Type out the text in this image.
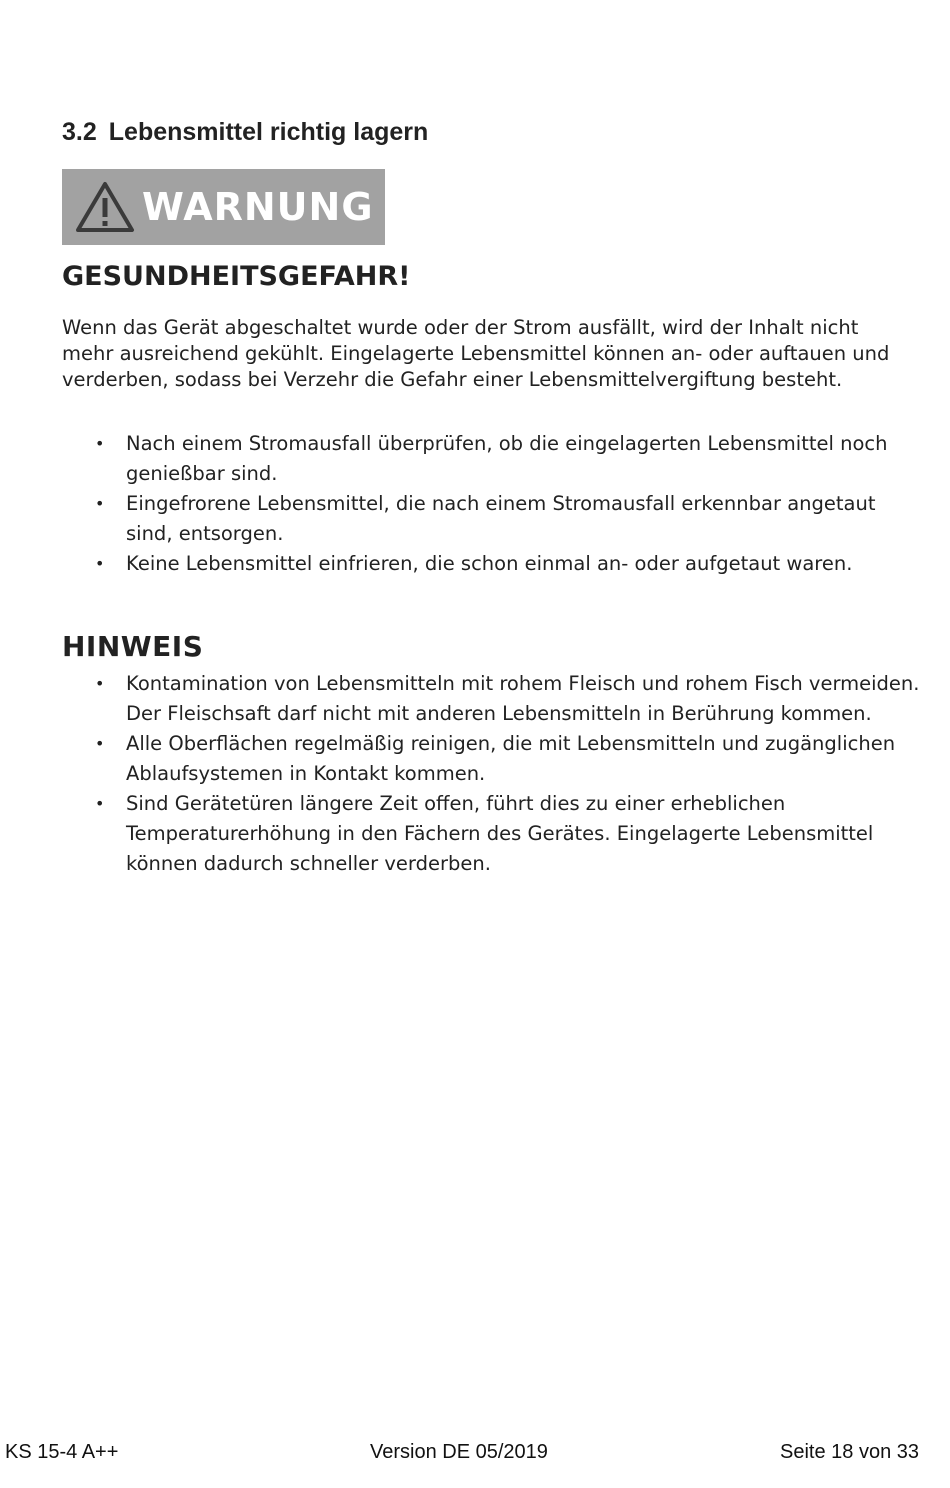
3.2 Lebensmittel richtig lagern
WARNUNG
GESUNDHEITSGEFAHR!

Wenn das Gerät abgeschaltet wurde oder der Strom ausfällt, wird der Inhalt nicht mehr ausreichend gekühlt. Eingelagerte Lebensmittel können an- oder auftauen und verderben, sodass bei Verzehr die Gefahr einer Lebensmittelvergiftung besteht.

• Nach einem Stromausfall überprüfen, ob die eingelagerten Lebensmittel noch genießbar sind.
• Eingefrorene Lebensmittel, die nach einem Stromausfall erkennbar angetaut sind, entsorgen.
• Keine Lebensmittel einfrieren, die schon einmal an- oder aufgetaut waren.
HINWEIS
• Kontamination von Lebensmitteln mit rohem Fleisch und rohem Fisch vermeiden. Der Fleischsaft darf nicht mit anderen Lebensmitteln in Berührung kommen.
• Alle Oberflächen regelmäßig reinigen, die mit Lebensmitteln und zugänglichen Ablaufsystemen in Kontakt kommen.
• Sind Gerätetüren längere Zeit offen, führt dies zu einer erheblichen Temperaturerhöhung in den Fächern des Gerätes. Eingelagerte Lebensmittel können dadurch schneller verderben.
KS 15-4 A++	Version DE 05/2019	Seite 18 von 33
